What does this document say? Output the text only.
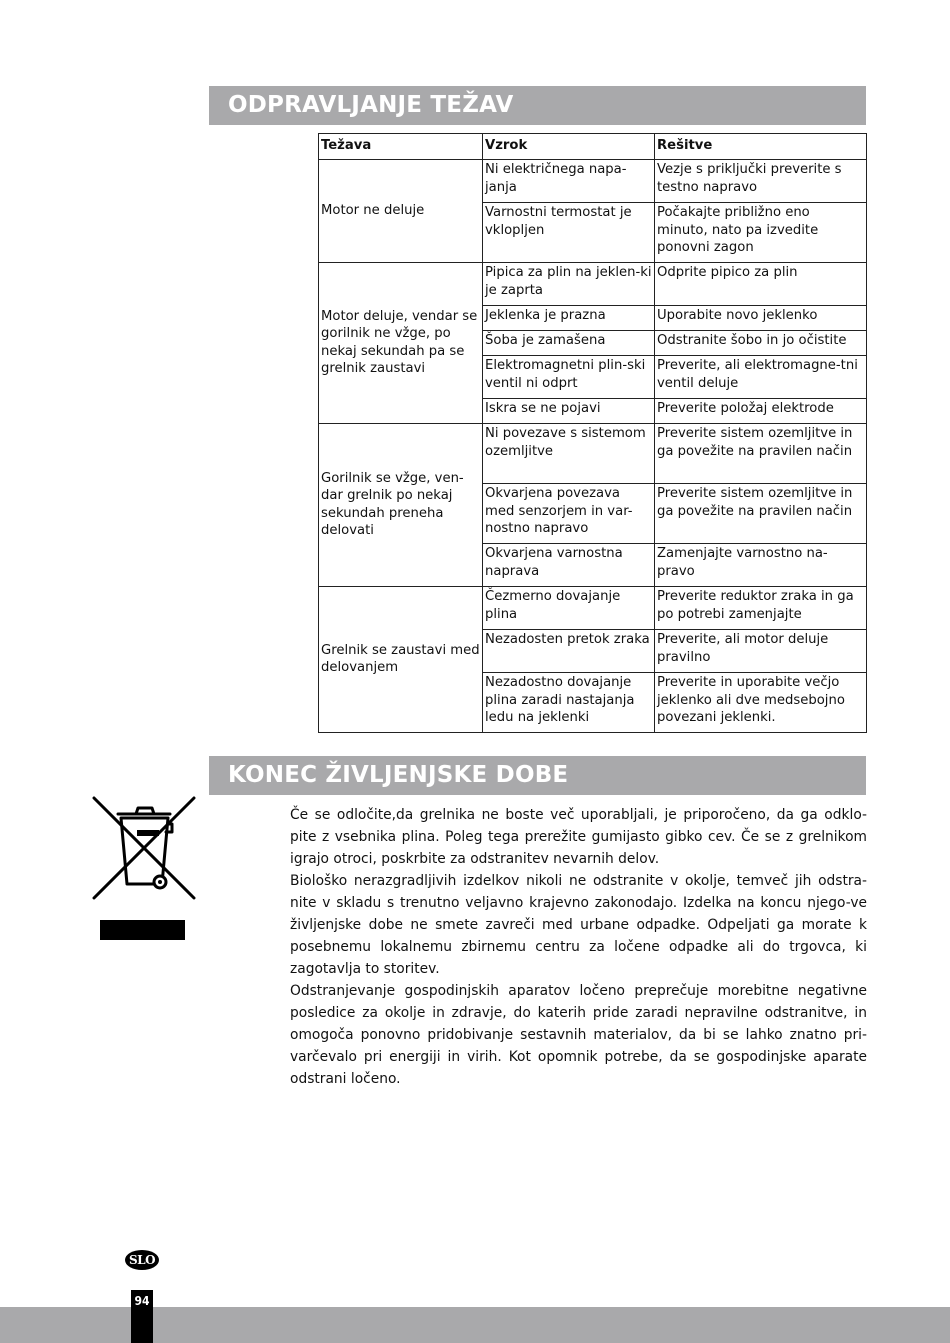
ODPRAVLJANJE TEŽAV
Težava	Vzrok	Rešitve
Motor ne deluje	Ni električnega napa-janja	Vezje s priključki preverite s testno napravo
	Varnostni termostat je vklopljen	Počakajte približno eno minuto, nato pa izvedite ponovni zagon
Motor deluje, vendar se gorilnik ne vžge, po nekaj sekundah pa se grelnik zaustavi	Pipica za plin na jeklen-ki je zaprta	Odprite pipico za plin
	Jeklenka je prazna	Uporabite novo jeklenko
	Šoba je zamašena	Odstranite šobo in jo očistite
	Elektromagnetni plin-ski ventil ni odprt	Preverite, ali elektromagne-tni ventil deluje
	Iskra se ne pojavi	Preverite položaj elektrode
Gorilnik se vžge, ven-dar grelnik po nekaj sekundah preneha delovati	Ni povezave s sistemom ozemljitve	Preverite sistem ozemljitve in ga povežite na pravilen način
	Okvarjena povezava med senzorjem in var-nostno napravo	Preverite sistem ozemljitve in ga povežite na pravilen način
	Okvarjena varnostna naprava	Zamenjajte varnostno na-pravo
Grelnik se zaustavi med delovanjem	Čezmerno dovajanje plina	Preverite reduktor zraka in ga po potrebi zamenjajte
	Nezadosten pretok zraka	Preverite, ali motor deluje pravilno
	Nezadostno dovajanje plina zaradi nastajanja ledu na jeklenki	Preverite in uporabite večjo jeklenko ali dve medsebojno povezani jeklenki.
KONEC ŽIVLJENJSKE DOBE

Če se odločite,da grelnika ne boste več uporabljali, je priporočeno, da ga odklo-pite z vsebnika plina. Poleg tega prerežite gumijasto gibko cev. Če se z grelnikom igrajo otroci, poskrbite za odstranitev nevarnih delov.

Biološko nerazgradljivih izdelkov nikoli ne odstranite v okolje, temveč jih odstra-nite v skladu s trenutno veljavno krajevno zakonodajo. Izdelka na koncu njego-ve življenjske dobe ne smete zavreči med urbane odpadke. Odpeljati ga morate k posebnemu lokalnemu zbirnemu centru za ločene odpadke ali do trgovca, ki zagotavlja to storitev.

Odstranjevanje gospodinjskih aparatov ločeno preprečuje morebitne negativne posledice za okolje in zdravje, do katerih pride zaradi nepravilne odstranitve, in omogoča ponovno pridobivanje sestavnih materialov, da bi se lahko znatno pri-varčevalo pri energiji in virih. Kot opomnik potrebe, da se gospodinjske aparate odstrani ločeno.

SLO
94
